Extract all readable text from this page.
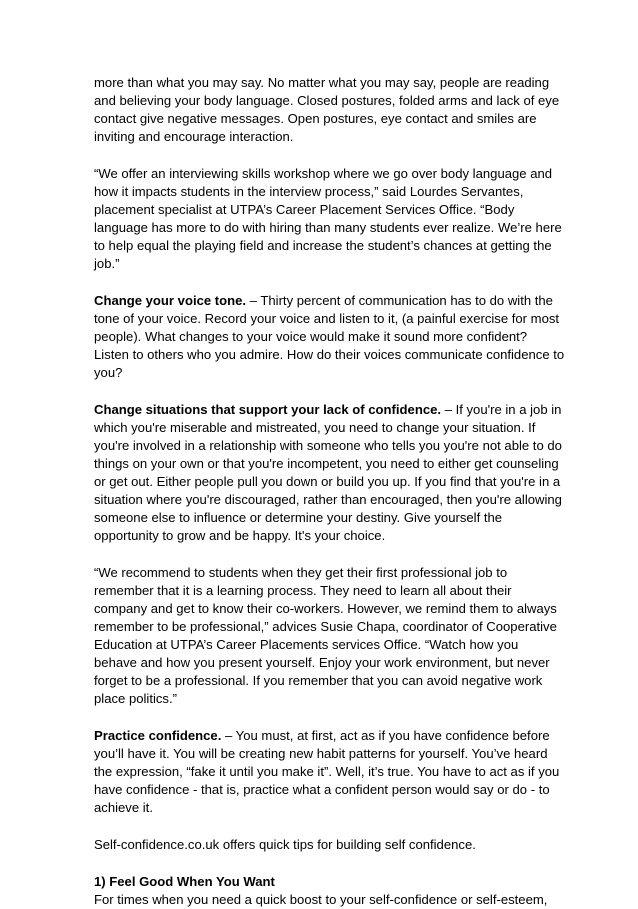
more than what you may say. No matter what you may say, people are reading
and believing your body language. Closed postures, folded arms and lack of eye
contact give negative messages. Open postures, eye contact and smiles are
inviting and encourage interaction.

“We offer an interviewing skills workshop where we go over body language and
how it impacts students in the interview process,” said Lourdes Servantes,
placement specialist at UTPA’s Career Placement Services Office. “Body
language has more to do with hiring than many students ever realize. We’re here
to help equal the playing field and increase the student’s chances at getting the
job.”

Change your voice tone. – Thirty percent of communication has to do with the
tone of your voice. Record your voice and listen to it, (a painful exercise for most
people). What changes to your voice would make it sound more confident?
Listen to others who you admire. How do their voices communicate confidence to
you?

Change situations that support your lack of confidence. – If you're in a job in
which you're miserable and mistreated, you need to change your situation. If
you're involved in a relationship with someone who tells you you're not able to do
things on your own or that you're incompetent, you need to either get counseling
or get out. Either people pull you down or build you up. If you find that you're in a
situation where you're discouraged, rather than encouraged, then you're allowing
someone else to influence or determine your destiny. Give yourself the
opportunity to grow and be happy. It's your choice.

“We recommend to students when they get their first professional job to
remember that it is a learning process. They need to learn all about their
company and get to know their co-workers. However, we remind them to always
remember to be professional,” advices Susie Chapa, coordinator of Cooperative
Education at UTPA’s Career Placements services Office. “Watch how you
behave and how you present yourself. Enjoy your work environment, but never
forget to be a professional. If you remember that you can avoid negative work
place politics.”

Practice confidence. – You must, at first, act as if you have confidence before
you’ll have it. You will be creating new habit patterns for yourself. You’ve heard
the expression, “fake it until you make it”. Well, it’s true. You have to act as if you
have confidence - that is, practice what a confident person would say or do - to
achieve it.

Self-confidence.co.uk offers quick tips for building self confidence.

1) Feel Good When You Want
For times when you need a quick boost to your self-confidence or self-esteem,
